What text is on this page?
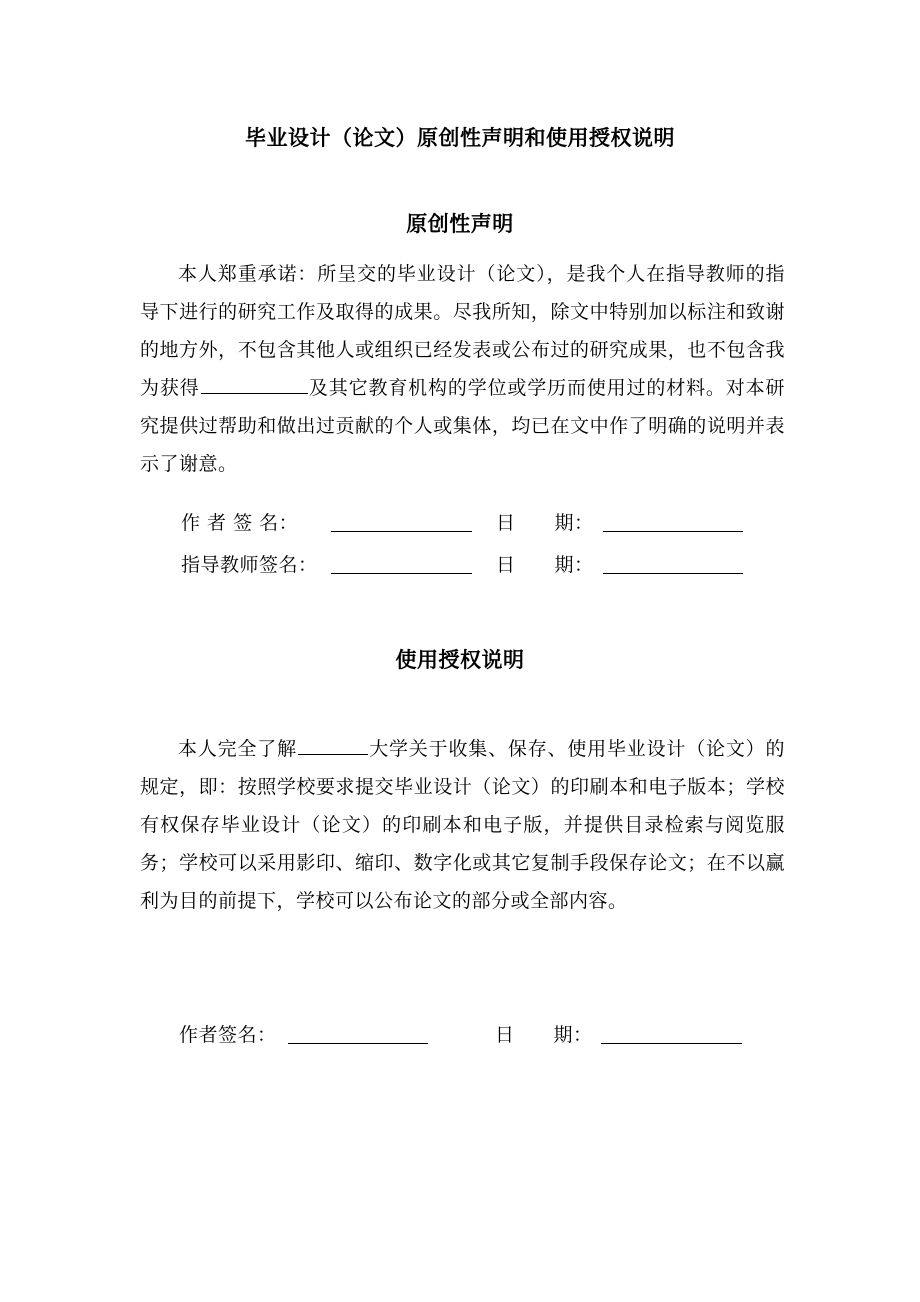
毕业设计（论文）原创性声明和使用授权说明
原创性声明

本人郑重承诺：所呈交的毕业设计（论文），是我个人在指导教师的指导下进行的研究工作及取得的成果。尽我所知，除文中特别加以标注和致谢的地方外，不包含其他人或组织已经发表或公布过的研究成果，也不包含我为获得	及其它教育机构的学位或学历而使用过的材料。对本研究提供过帮助和做出过贡献的个人或集体，均已在文中作了明确的说明并表示了谢意。

作 者 签 名：	日　　期：
指导教师签名：	日　　期：
使用授权说明

本人完全了解	大学关于收集、保存、使用毕业设计（论文）的规定，即：按照学校要求提交毕业设计（论文）的印刷本和电子版本；学校有权保存毕业设计（论文）的印刷本和电子版，并提供目录检索与阅览服务；学校可以采用影印、缩印、数字化或其它复制手段保存论文；在不以赢利为目的前提下，学校可以公布论文的部分或全部内容。

作者签名：	日　　期：
